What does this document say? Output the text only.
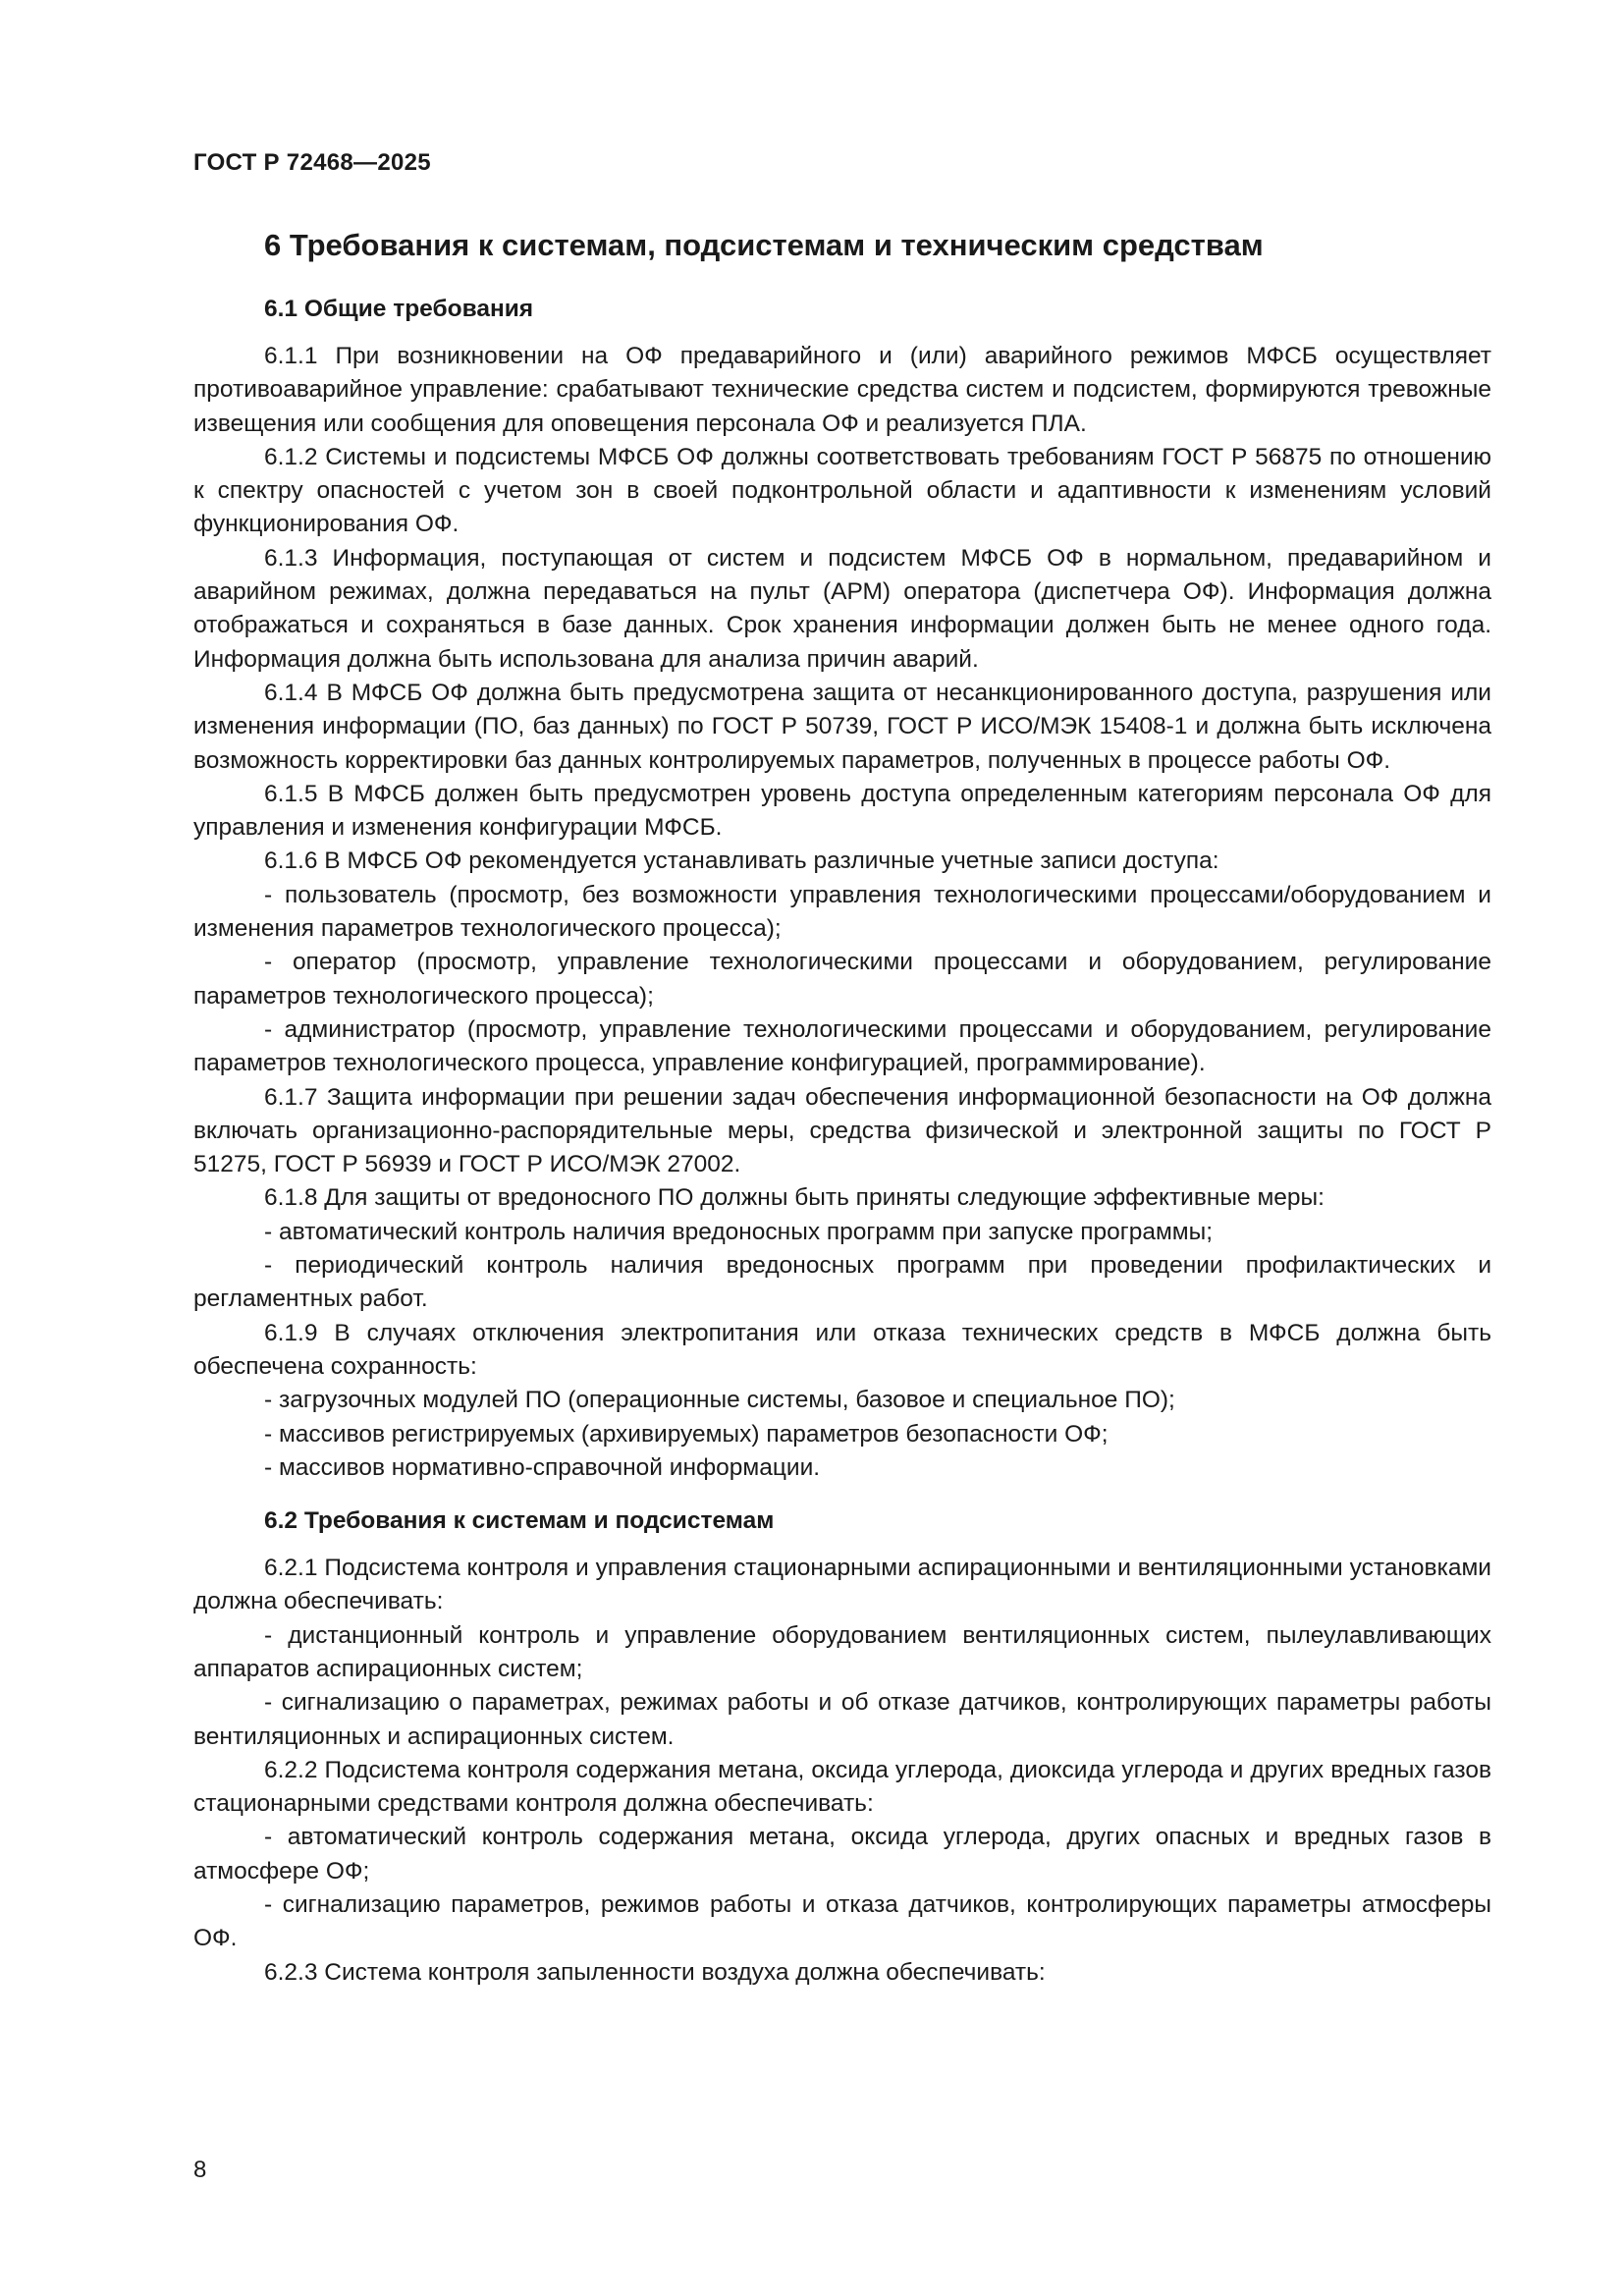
ГОСТ Р 72468—2025
6 Требования к системам, подсистемам и техническим средствам
6.1 Общие требования

6.1.1 При возникновении на ОФ предаварийного и (или) аварийного режимов МФСБ осуществляет противоаварийное управление: срабатывают технические средства систем и подсистем, формируются тревожные извещения или сообщения для оповещения персонала ОФ и реализуется ПЛА.

6.1.2 Системы и подсистемы МФСБ ОФ должны соответствовать требованиям ГОСТ Р 56875 по отношению к спектру опасностей с учетом зон в своей подконтрольной области и адаптивности к изменениям условий функционирования ОФ.

6.1.3 Информация, поступающая от систем и подсистем МФСБ ОФ в нормальном, предаварийном и аварийном режимах, должна передаваться на пульт (АРМ) оператора (диспетчера ОФ). Информация должна отображаться и сохраняться в базе данных. Срок хранения информации должен быть не менее одного года. Информация должна быть использована для анализа причин аварий.

6.1.4 В МФСБ ОФ должна быть предусмотрена защита от несанкционированного доступа, разрушения или изменения информации (ПО, баз данных) по ГОСТ Р 50739, ГОСТ Р ИСО/МЭК 15408-1 и должна быть исключена возможность корректировки баз данных контролируемых параметров, полученных в процессе работы ОФ.

6.1.5 В МФСБ должен быть предусмотрен уровень доступа определенным категориям персонала ОФ для управления и изменения конфигурации МФСБ.

6.1.6 В МФСБ ОФ рекомендуется устанавливать различные учетные записи доступа:

- пользователь (просмотр, без возможности управления технологическими процессами/оборудованием и изменения параметров технологического процесса);

- оператор (просмотр, управление технологическими процессами и оборудованием, регулирование параметров технологического процесса);

- администратор (просмотр, управление технологическими процессами и оборудованием, регулирование параметров технологического процесса, управление конфигурацией, программирование).

6.1.7 Защита информации при решении задач обеспечения информационной безопасности на ОФ должна включать организационно-распорядительные меры, средства физической и электронной защиты по ГОСТ Р 51275, ГОСТ Р 56939 и ГОСТ Р ИСО/МЭК 27002.

6.1.8 Для защиты от вредоносного ПО должны быть приняты следующие эффективные меры:

- автоматический контроль наличия вредоносных программ при запуске программы;

- периодический контроль наличия вредоносных программ при проведении профилактических и регламентных работ.

6.1.9 В случаях отключения электропитания или отказа технических средств в МФСБ должна быть обеспечена сохранность:

- загрузочных модулей ПО (операционные системы, базовое и специальное ПО);

- массивов регистрируемых (архивируемых) параметров безопасности ОФ;

- массивов нормативно-справочной информации.

6.2 Требования к системам и подсистемам

6.2.1 Подсистема контроля и управления стационарными аспирационными и вентиляционными установками должна обеспечивать:

- дистанционный контроль и управление оборудованием вентиляционных систем, пылеулавливающих аппаратов аспирационных систем;

- сигнализацию о параметрах, режимах работы и об отказе датчиков, контролирующих параметры работы вентиляционных и аспирационных систем.

6.2.2 Подсистема контроля содержания метана, оксида углерода, диоксида углерода и других вредных газов стационарными средствами контроля должна обеспечивать:

- автоматический контроль содержания метана, оксида углерода, других опасных и вредных газов в атмосфере ОФ;

- сигнализацию параметров, режимов работы и отказа датчиков, контролирующих параметры атмосферы ОФ.

6.2.3 Система контроля запыленности воздуха должна обеспечивать:

8
